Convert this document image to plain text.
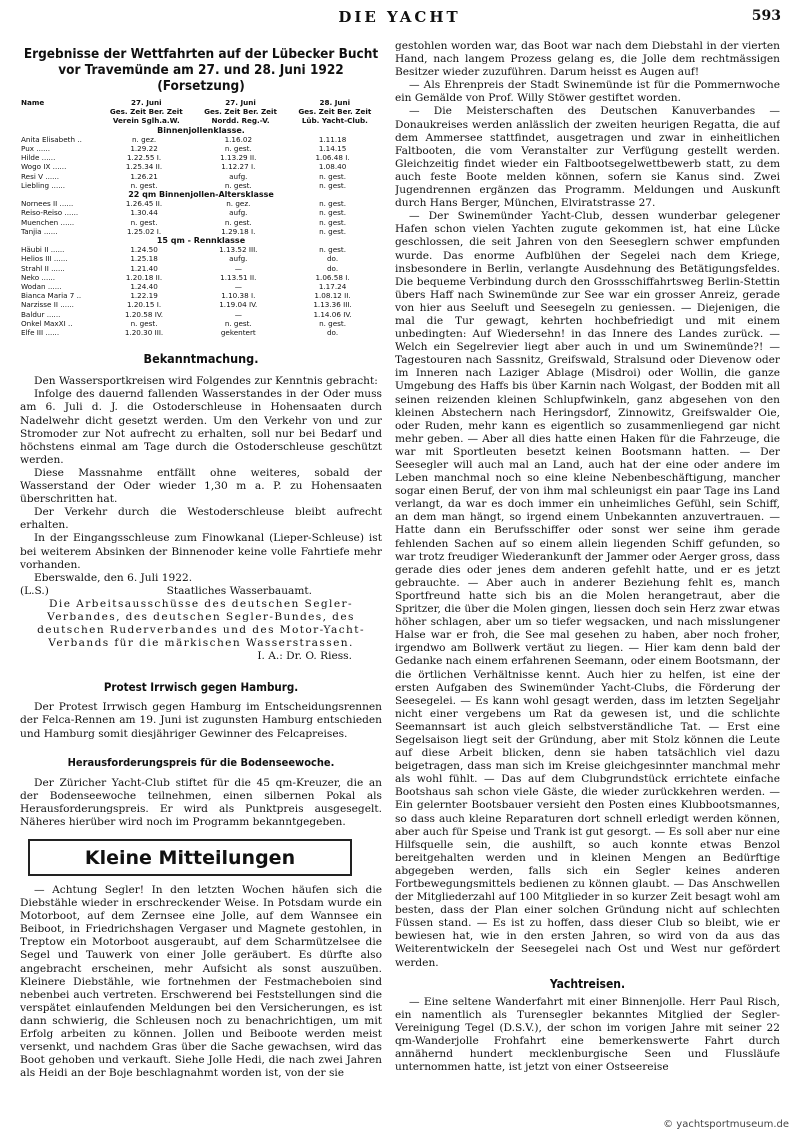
DIE YACHT	593
Ergebnisse der Wettfahrten auf der Lübecker Bucht
vor Travemünde am 27. und 28. Juni 1922 (Forsetzung)
Name	27. Juni		27. Juni		28. Juni	
	Ges. Zeit Ber. Zeit		Ges. Zeit Ber. Zeit		Ges. Zeit Ber. Zeit	
	Verein Sglh.a.W.		Nordd. Reg.-V.		Lüb. Yacht-Club.	
Binnenjollenklasse.						
Anita Elisabeth ..	n. gez.		1.16.02		1.11.18	
Pux ......	1.29.22		n. gest.		1.14.15	
Hilde ......	1.22.55 I.		1.13.29 II.		1.06.48 I.	
Wogo IX ......	1.25.34 II.		1.12.27 I.		1.08.40	
Resi V ......	1.26.21		aufg.		n. gest.	
Liebling ......	n. gest.		n. gest.		n. gest.	
22 qm Binnenjollen-Altersklasse						
Nornees II ......	1.26.45 II.		n. gez.		n. gest.	
Reiso-Reiso ......	1.30.44		aufg.		n. gest.	
Muenchen ......	n. gest.		n. gest.		n. gest.	
Tanjia ......	1.25.02 I.		1.29.18 I.		n. gest.	
15 qm - Rennklasse						
Häubi II ......	1.24.50		1.13.52 III.		n. gest.	
Helios III ......	1.25.18		aufg.		do.	
Strahl II ......	1.21.40		—		do.	
Neko ......	1.20.18 II.		1.13.51 II.		1.06.58 I.	
Wodan ......	1.24.40		—		1.17.24	
Bianca Maria 7 ..	1.22.19		1.10.38 I.		1.08.12 II.	
Narzisse II ......	1.20.15 I.		1.19.04 IV.		1.13.36 III.	
Baldur ......	1.20.58 IV.		—		1.14.06 IV.	
Onkel MaxXI ..	n. gest.		n. gest.		n. gest.	
Elfe III ......	1.20.30 III.		gekentert		do.	
Bekanntmachung.

Den Wassersportkreisen wird Folgendes zur Kenntnis gebracht:

Infolge des dauernd fallenden Wasserstandes in der Oder muss am 6. Juli d. J. die Ostoderschleuse in Hohensaaten durch Nadelwehr dicht gesetzt werden. Um den Verkehr von und zur Stromoder zur Not aufrecht zu erhalten, soll nur bei Bedarf und höchstens einmal am Tage durch die Ostoderschleuse geschützt werden.

Diese Massnahme entfällt ohne weiteres, sobald der Wasserstand der Oder wieder 1,30 m a. P. zu Hohensaaten überschritten hat.

Der Verkehr durch die Westoderschleuse bleibt aufrecht erhalten.

In der Eingangsschleuse zum Finowkanal (Lieper-Schleuse) ist bei weiterem Absinken der Binnenoder keine volle Fahrtiefe mehr vorhanden.

Eberswalde, den 6. Juli 1922.

(L.S.)	Staatliches Wasserbauamt.

Die Arbeitsausschüsse des deutschen Segler-Verbandes, des deutschen Segler-Bundes, des deutschen Ruderverbandes und des Motor-Yacht-Verbands für die märkischen Wasserstrassen.

I. A.: Dr. O. Riess.

Protest Irrwisch gegen Hamburg.

Der Protest Irrwisch gegen Hamburg im Entscheidungsrennen der Felca-Rennen am 19. Juni ist zugunsten Hamburg entschieden und Hamburg somit diesjähriger Gewinner des Felcapreises.

Herausforderungspreis für die Bodenseewoche.

Der Züricher Yacht-Club stiftet für die 45 qm-Kreuzer, die an der Bodenseewoche teilnehmen, einen silbernen Pokal als Herausforderungspreis. Er wird als Punktpreis ausgesegelt. Näheres hierüber wird noch im Programm bekanntgegeben.

Kleine Mitteilungen

— Achtung Segler! In den letzten Wochen häufen sich die Diebstähle wieder in erschreckender Weise. In Potsdam wurde ein Motorboot, auf dem Zernsee eine Jolle, auf dem Wannsee ein Beiboot, in Friedrichshagen Vergaser und Magnete gestohlen, in Treptow ein Motorboot ausgeraubt, auf dem Scharmützelsee die Segel und Tauwerk von einer Jolle geräubert. Es dürfte also angebracht erscheinen, mehr Aufsicht als sonst auszuüben. Kleinere Diebstähle, wie fortnehmen der Festmacheboien sind nebenbei auch vertreten. Erschwerend bei Feststellungen sind die verspätet einlaufenden Meldungen bei den Versicherungen, es ist dann schwierig, die Schleusen noch zu benachrichtigen, um mit Erfolg arbeiten zu können. Jollen und Beiboote werden meist versenkt, und nachdem Gras über die Sache gewachsen, wird das Boot gehoben und verkauft. Siehe Jolle Hedi, die nach zwei Jahren als Heidi an der Boje beschlagnahmt worden ist, von der sie

gestohlen worden war, das Boot war nach dem Diebstahl in der vierten Hand, nach langem Prozess gelang es, die Jolle dem rechtmässigen Besitzer wieder zuzuführen. Darum heisst es Augen auf!

— Als Ehrenpreis der Stadt Swinemünde ist für die Pommernwoche ein Gemälde von Prof. Willy Stöwer gestiftet worden.

— Die Meisterschaften des Deutschen Kanuverbandes — Donaukreises werden anlässlich der zweiten heurigen Regatta, die auf dem Ammersee stattfindet, ausgetragen und zwar in einheitlichen Faltbooten, die vom Veranstalter zur Verfügung gestellt werden. Gleichzeitig findet wieder ein Faltbootsegelwettbewerb statt, zu dem auch feste Boote melden können, sofern sie Kanus sind. Zwei Jugendrennen ergänzen das Programm. Meldungen und Auskunft durch Hans Berger, München, Elviratstrasse 27.

— Der Swinemünder Yacht-Club, dessen wunderbar gelegener Hafen schon vielen Yachten zugute gekommen ist, hat eine Lücke geschlossen, die seit Jahren von den Seeseglern schwer empfunden wurde. Das enorme Aufblühen der Segelei nach dem Kriege, insbesondere in Berlin, verlangte Ausdehnung des Betätigungsfeldes. Die bequeme Verbindung durch den Grossschiffahrtsweg Berlin-Stettin übers Haff nach Swinemünde zur See war ein grosser Anreiz, gerade von hier aus Seeluft und Seesegeln zu geniessen. — Diejenigen, die mal die Tur gewagt, kehrten hochbefriedigt und mit einem unbedingten: Auf Wiedersehn! in das Innere des Landes zurück. — Welch ein Segelrevier liegt aber auch in und um Swinemünde?! — Tagestouren nach Sassnitz, Greifswald, Stralsund oder Dievenow oder im Inneren nach Laziger Ablage (Misdroi) oder Wollin, die ganze Umgebung des Haffs bis über Karnin nach Wolgast, der Bodden mit all seinen reizenden kleinen Schlupfwinkeln, ganz abgesehen von den kleinen Abstechern nach Heringsdorf, Zinnowitz, Greifswalder Oie, oder Ruden, mehr kann es eigentlich so zusammenliegend gar nicht mehr geben. — Aber all dies hatte einen Haken für die Fahrzeuge, die war mit Sportleuten besetzt keinen Bootsmann hatten. — Der Seesegler will auch mal an Land, auch hat der eine oder andere im Leben manchmal noch so eine kleine Nebenbeschäftigung, mancher sogar einen Beruf, der von ihm mal schleunigst ein paar Tage ins Land verlangt, da war es doch immer ein unheimliches Gefühl, sein Schiff, an dem man hängt, so irgend einem Unbekannten anzuvertrauen. — Hatte dann ein Berufsschiffer oder sonst wer seine ihm gerade fehlenden Sachen auf so einem allein liegenden Schiff gefunden, so war trotz freudiger Wiederankunft der Jammer oder Aerger gross, dass gerade dies oder jenes dem anderen gefehlt hatte, und er es jetzt gebrauchte. — Aber auch in anderer Beziehung fehlt es, manch Sportfreund hatte sich bis an die Molen herangetraut, aber die Spritzer, die über die Molen gingen, liessen doch sein Herz zwar etwas höher schlagen, aber um so tiefer wegsacken, und nach misslungener Halse war er froh, die See mal gesehen zu haben, aber noch froher, irgendwo am Bollwerk vertäut zu liegen. — Hier kam denn bald der Gedanke nach einem erfahrenen Seemann, oder einem Bootsmann, der die örtlichen Verhältnisse kennt. Auch hier zu helfen, ist eine der ersten Aufgaben des Swinemünder Yacht-Clubs, die Förderung der Seesegelei. — Es kann wohl gesagt werden, dass im letzten Segeljahr nicht einer vergebens um Rat da gewesen ist, und die schlichte Seemannsart ist auch gleich selbstverständliche Tat. — Erst eine Segelsaison liegt seit der Gründung, aber mit Stolz können die Leute auf diese Arbeit blicken, denn sie haben tatsächlich viel dazu beigetragen, dass man sich im Kreise gleichgesinnter manchmal mehr als wohl fühlt. — Das auf dem Clubgrundstück errichtete einfache Bootshaus sah schon viele Gäste, die wieder zurückkehren werden. — Ein gelernter Bootsbauer versieht den Posten eines Klubbootsmannes, so dass auch kleine Reparaturen dort schnell erledigt werden können, aber auch für Speise und Trank ist gut gesorgt. — Es soll aber nur eine Hilfsquelle sein, die aushilft, so auch konnte etwas Benzol bereitgehalten werden und in kleinen Mengen an Bedürftige abgegeben werden, falls sich ein Segler keines anderen Fortbewegungsmittels bedienen zu können glaubt. — Das Anschwellen der Mitgliederzahl auf 100 Mitglieder in so kurzer Zeit besagt wohl am besten, dass der Plan einer solchen Gründung nicht auf schlechten Füssen stand. — Es ist zu hoffen, dass dieser Club so bleibt, wie er bewiesen hat, wie in den ersten Jahren, so wird von da aus das Weiterentwickeln der Seesegelei nach Ost und West nur gefördert werden.

Yachtreisen.

— Eine seltene Wanderfahrt mit einer Binnenjolle. Herr Paul Risch, ein namentlich als Turensegler bekanntes Mitglied der Segler-Vereinigung Tegel (D.S.V.), der schon im vorigen Jahre mit seiner 22 qm-Wanderjolle Frohfahrt eine bemerkenswerte Fahrt durch annähernd hundert mecklenburgische Seen und Flussläufe unternommen hatte, ist jetzt von einer Ostseereise

© yachtsportmuseum.de
